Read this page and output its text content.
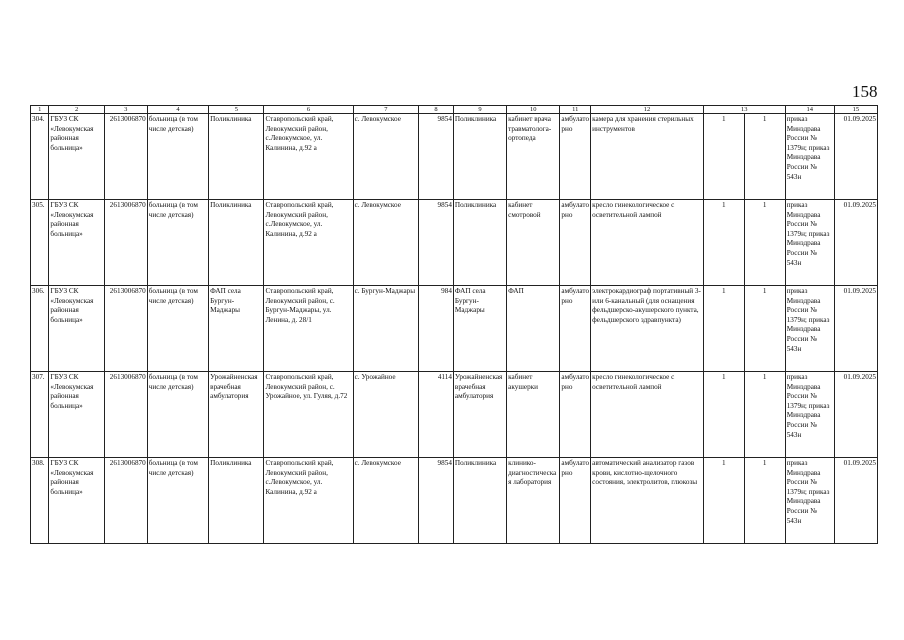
158
1	2	3	4	5	6	7	8	9	10	11	12	13		14	15
304.	ГБУЗ СК «Левокумская районная больница»	2613006870	больница (в том числе детская)	Поликлиника	Ставропольский край, Левокумский район, с.Левокумское, ул. Калинина, д.92 а	с. Левокумское	9854	Поликлиника	кабинет врача травматолога-ортопеда	амбулаторно	камера для хранения стерильных инструментов	1	1	приказ Минздрава России № 1379н; приказ Минздрава России № 543н	01.09.2025
305.	ГБУЗ СК «Левокумская районная больница»	2613006870	больница (в том числе детская)	Поликлиника	Ставропольский край, Левокумский район, с.Левокумское, ул. Калинина, д.92 а	с. Левокумское	9854	Поликлиника	кабинет смотровой	амбулаторно	кресло гинекологическое с осветительной лампой	1	1	приказ Минздрава России № 1379н; приказ Минздрава России № 543н	01.09.2025
306.	ГБУЗ СК «Левокумская районная больница»	2613006870	больница (в том числе детская)	ФАП села Бургун-Маджары	Ставропольский край, Левокумский район, с. Бургун-Маджары, ул. Ленина, д. 28/1	с. Бургун-Маджары	984	ФАП села Бургун-Маджары	ФАП	амбулаторно	электрокардиограф портативный 3- или 6-канальный (для оснащения фельдшерско-акушерского пункта, фельдшерского здравпункта)	1	1	приказ Минздрава России № 1379н; приказ Минздрава России № 543н	01.09.2025
307.	ГБУЗ СК «Левокумская районная больница»	2613006870	больница (в том числе детская)	Урожайненская врачебная амбулатория	Ставропольский край, Левокумский район, с. Урожайное, ул. Гуляя, д.72	с. Урожайное	4114	Урожайненская врачебная амбулатория	кабинет акушерки	амбулаторно	кресло гинекологическое с осветительной лампой	1	1	приказ Минздрава России № 1379н; приказ Минздрава России № 543н	01.09.2025
308.	ГБУЗ СК «Левокумская районная больница»	2613006870	больница (в том числе детская)	Поликлиника	Ставропольский край, Левокумский район, с.Левокумское, ул. Калинина, д.92 а	с. Левокумское	9854	Поликлиника	клинико-диагностическая лаборатория	амбулаторно	автоматический анализатор газов крови, кислотно-щелочного состояния, электролитов, глюкозы	1	1	приказ Минздрава России № 1379н; приказ Минздрава России № 543н	01.09.2025
